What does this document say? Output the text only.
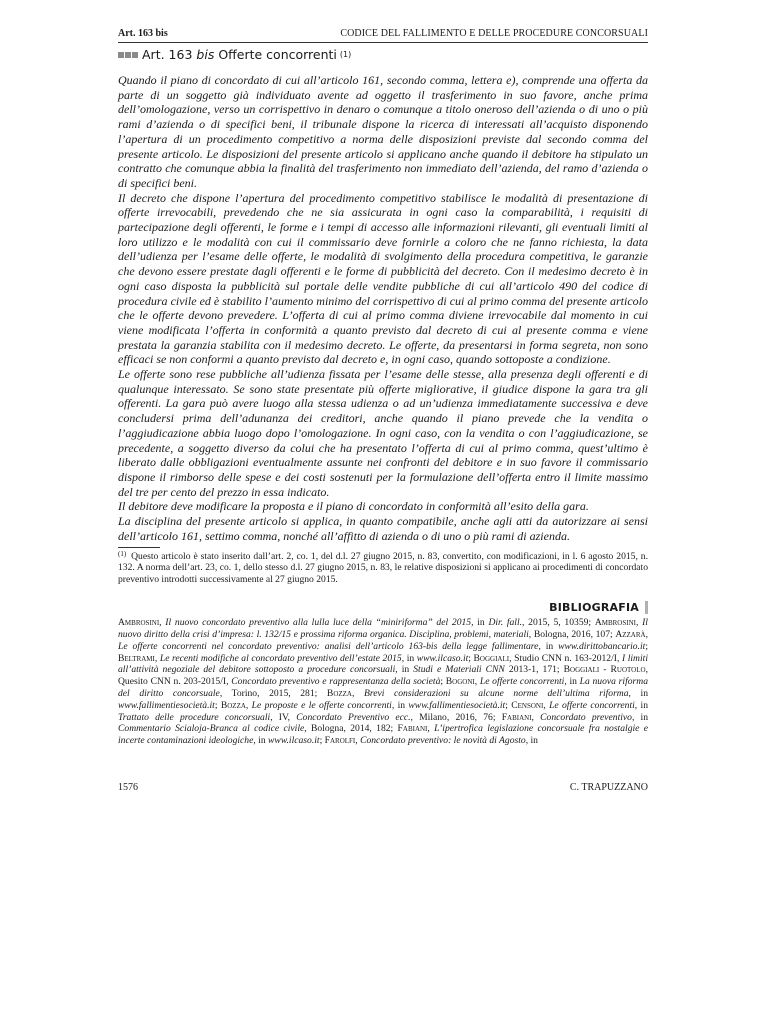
Art. 163 bis	CODICE DEL FALLIMENTO E DELLE PROCEDURE CONCORSUALI
Art. 163 bis Offerte concorrenti (1)

Quando il piano di concordato di cui all’articolo 161, secondo comma, lettera e), comprende una offerta da parte di un soggetto già individuato avente ad oggetto il trasferimento in suo favore, anche prima dell’omologazione, verso un corrispettivo in denaro o comunque a titolo oneroso dell’azienda o di uno o più rami d’azienda o di specifici beni, il tribunale dispone la ricerca di interessati all’acquisto disponendo l’apertura di un procedimento competitivo a norma delle disposizioni previste dal secondo comma del presente articolo. Le disposizioni del presente articolo si applicano anche quando il debitore ha stipulato un contratto che comunque abbia la finalità del trasferimento non immediato dell’azienda, del ramo d’azienda o di specifici beni.

Il decreto che dispone l’apertura del procedimento competitivo stabilisce le modalità di presentazione di offerte irrevocabili, prevedendo che ne sia assicurata in ogni caso la comparabilità, i requisiti di partecipazione degli offerenti, le forme e i tempi di accesso alle informazioni rilevanti, gli eventuali limiti al loro utilizzo e le modalità con cui il commissario deve fornirle a coloro che ne fanno richiesta, la data dell’udienza per l’esame delle offerte, le modalità di svolgimento della procedura competitiva, le garanzie che devono essere prestate dagli offerenti e le forme di pubblicità del decreto. Con il medesimo decreto è in ogni caso disposta la pubblicità sul portale delle vendite pubbliche di cui all’articolo 490 del codice di procedura civile ed è stabilito l’aumento minimo del corrispettivo di cui al primo comma del presente articolo che le offerte devono prevedere. L’offerta di cui al primo comma diviene irrevocabile dal momento in cui viene modificata l’offerta in conformità a quanto previsto dal decreto di cui al presente comma e viene prestata la garanzia stabilita con il medesimo decreto. Le offerte, da presentarsi in forma segreta, non sono efficaci se non conformi a quanto previsto dal decreto e, in ogni caso, quando sottoposte a condizione.

Le offerte sono rese pubbliche all’udienza fissata per l’esame delle stesse, alla presenza degli offerenti e di qualunque interessato. Se sono state presentate più offerte migliorative, il giudice dispone la gara tra gli offerenti. La gara può avere luogo alla stessa udienza o ad un’udienza immediatamente successiva e deve concludersi prima dell’adunanza dei creditori, anche quando il piano prevede che la vendita o l’aggiudicazione abbia luogo dopo l’omologazione. In ogni caso, con la vendita o con l’aggiudicazione, se precedente, a soggetto diverso da colui che ha presentato l’offerta di cui al primo comma, quest’ultimo è liberato dalle obbligazioni eventualmente assunte nei confronti del debitore e in suo favore il commissario dispone il rimborso delle spese e dei costi sostenuti per la formulazione dell’offerta entro il limite massimo del tre per cento del prezzo in essa indicato.

Il debitore deve modificare la proposta e il piano di concordato in conformità all’esito della gara.

La disciplina del presente articolo si applica, in quanto compatibile, anche agli atti da autorizzare ai sensi dell’articolo 161, settimo comma, nonché all’affitto di azienda o di uno o più rami di azienda.

$^{(1)}$ Questo articolo è stato inserito dall’art. 2, co. 1, del d.l. 27 giugno 2015, n. 83, convertito, con modificazioni, in l. 6 agosto 2015, n. 132. A norma dell’art. 23, co. 1, dello stesso d.l. 27 giugno 2015, n. 83, le relative disposizioni si applicano ai procedimenti di concordato preventivo introdotti successivamente al 27 giugno 2015.
BIBLIOGRAFIA
Ambrosini, Il nuovo concordato preventivo alla lulla luce della “miniriforma” del 2015, in Dir. fall., 2015, 5, 10359; Ambrosini, Il nuovo diritto della crisi d’impresa: l. 132/15 e prossima riforma organica. Disciplina, problemi, materiali, Bologna, 2016, 107; Azzarà, Le offerte concorrenti nel concordato preventivo: analisi dell’articolo 163-bis della legge fallimentare, in www.dirittobancario.it; Beltrami, Le recenti modifiche al concordato preventivo dell’estate 2015, in www.ilcaso.it; Boggiali, Studio CNN n. 163-2012/I, I limiti all’attività negoziale del debitore sottoposto a procedure concorsuali, in Studi e Materiali CNN 2013-1, 171; Boggiali - Ruotolo, Quesito CNN n. 203-2015/I, Concordato preventivo e rappresentanza della società; Bogoni, Le offerte concorrenti, in La nuova riforma del diritto concorsuale, Torino, 2015, 281; Bozza, Brevi considerazioni su alcune norme dell’ultima riforma, in www.fallimentiesocietà.it; Bozza, Le proposte e le offerte concorrenti, in www.fallimentiesocietà.it; Censoni, Le offerte concorrenti, in Trattato delle procedure concorsuali, IV, Concordato Preventivo ecc., Milano, 2016, 76; Fabiani, Concordato preventivo, in Commentario Scialoja-Branca al codice civile, Bologna, 2014, 182; Fabiani, L’ipertrofica legislazione concorsuale fra nostalgie e incerte contaminazioni ideologiche, in www.ilcaso.it; Farolfi, Concordato preventivo: le novità di Agosto, in
1576	C. TRAPUZZANO
